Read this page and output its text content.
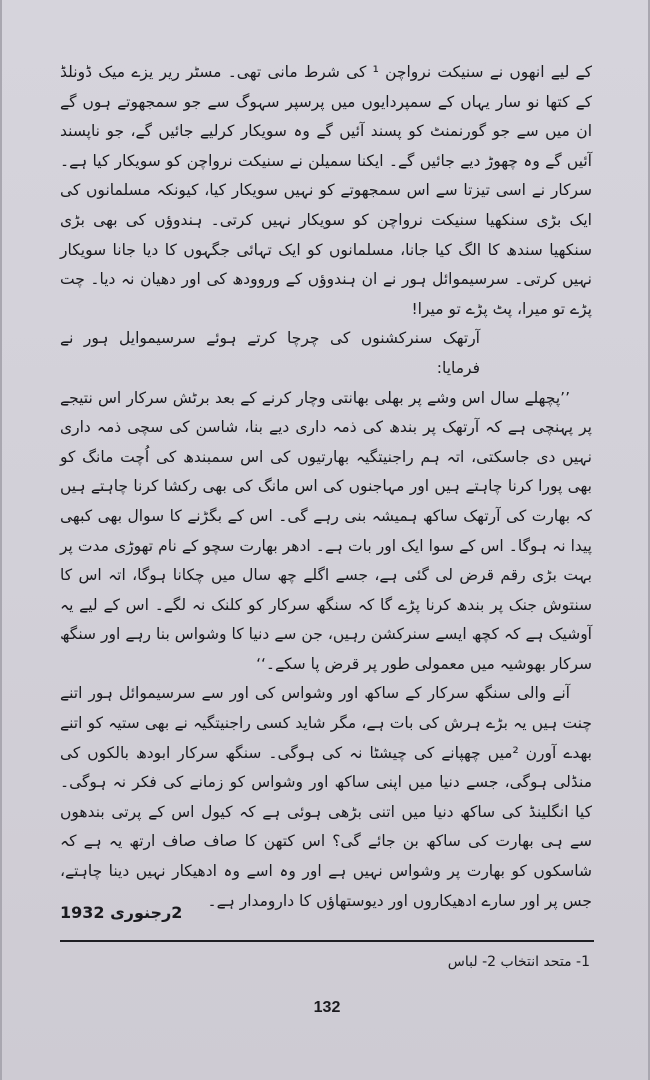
کے لیے انھوں نے سنیکت نرواچن ¹ کی شرط مانی تھی۔ مسٹر ریر یزے میک ڈونلڈ کے کتھا نو سار یہاں کے سمپردایوں میں پرسپر سہوگ سے جو سمجھوتے ہوں گے ان میں سے جو گورنمنٹ کو پسند آئیں گے وہ سویکار کرلیے جائیں گے، جو ناپسند آئیں گے وہ چھوڑ دیے جائیں گے۔ ایکنا سمیلن نے سنیکت نرواچن کو سویکار کیا ہے۔ سرکار نے اسی تیزتا سے اس سمجھوتے کو نہیں سویکار کیا، کیونکہ مسلمانوں کی ایک بڑی سنکھیا سنیکت نرواچن کو سویکار نہیں کرتی۔ ہندوؤں کی بھی بڑی سنکھیا سندھ کا الگ کیا جانا، مسلمانوں کو ایک تہائی جگہوں کا دیا جانا سویکار نہیں کرتی۔ سرسیموائل ہور نے ان ہندوؤں کے وروودھ کی اور دھیان نہ دیا۔ چت پڑے تو میرا، پٹ پڑے تو میرا!

آرتھک سنرکشنوں کی چرچا کرتے ہوئے سرسیموایل ہور نے فرمایا:

’’پچھلے سال اس وشے پر بھلی بھانتی وچار کرنے کے بعد برٹش سرکار اس نتیجے پر پہنچی ہے کہ آرتھک پر بندھ کی ذمہ داری دیے بنا، شاسن کی سچی ذمہ داری نہیں دی جاسکتی، اتہ ہم راجنیتگیہ بھارتیوں کی اس سمبندھ کی اُچت مانگ کو بھی پورا کرنا چاہتے ہیں اور مہاجنوں کی اس مانگ کی بھی رکشا کرنا چاہتے ہیں کہ بھارت کی آرتھک ساکھ ہمیشہ بنی رہے گی۔ اس کے بگڑنے کا سوال بھی کبھی پیدا نہ ہوگا۔ اس کے سوا ایک اور بات ہے۔ ادھر بھارت سچو کے نام تھوڑی مدت پر بہت بڑی رقم قرض لی گئی ہے، جسے اگلے چھ سال میں چکانا ہوگا، اتہ اس کا سنتوش جنک پر بندھ کرنا پڑے گا کہ سنگھ سرکار کو کلنک نہ لگے۔ اس کے لیے یہ آوشیک ہے کہ کچھ ایسے سنرکشن رہیں، جن سے دنیا کا وشواس بنا رہے اور سنگھ سرکار بھوشیہ میں معمولی طور پر قرض پا سکے۔‘‘

آنے والی سنگھ سرکار کے ساکھ اور وشواس کی اور سے سرسیموائل ہور اتنے چنت ہیں یہ بڑے ہرش کی بات ہے، مگر شاید کسی راجنیتگیہ نے بھی ستیہ کو اتنے بھدے آورن ²میں چھپانے کی چیشٹا نہ کی ہوگی۔ سنگھ سرکار ابودھ بالکوں کی منڈلی ہوگی، جسے دنیا میں اپنی ساکھ اور وشواس کو زمانے کی فکر نہ ہوگی۔ کیا انگلینڈ کی ساکھ دنیا میں اتنی بڑھی ہوئی ہے کہ کیول اس کے پرتی بندھوں سے ہی بھارت کی ساکھ بن جائے گی؟ اس کتھن کا صاف صاف ارتھ یہ ہے کہ شاسکوں کو بھارت پر وشواس نہیں ہے اور وہ اسے وہ ادھیکار نہیں دینا چاہتے، جس پر اور سارے ادھیکاروں اور دیوستھاؤں کا دارومدار ہے۔

2رجنوری 1932
1- متحد انتخاب 2- لباس
132
